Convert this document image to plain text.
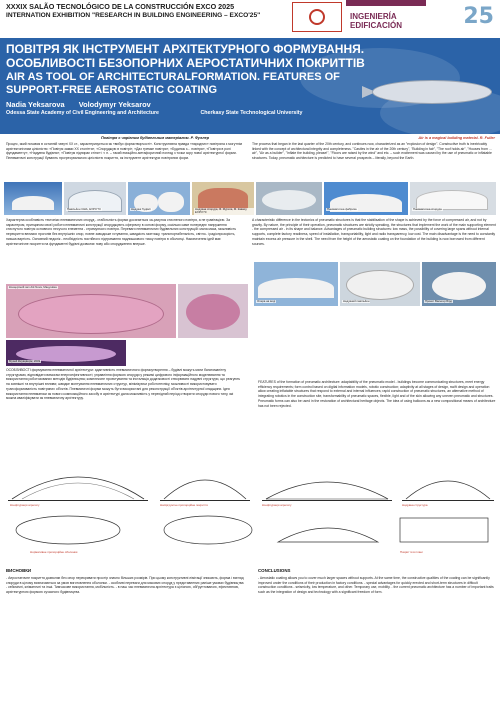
XXXIX SALÃO TECNOLÓGICO DE LA CONSTRUCCIÓN EXCO 2025
INTERNATION EXHIBITION "RESEARCH IN BUILDING ENGINEERING – EXCO'25"	INGENIERÍA
EDIFICACIÓN	25
ПОВІТРЯ ЯК ІНСТРУМЕНТ АРХІТЕКТУРНОГО ФОРМУВАННЯ. ОСОБЛИВОСТІ БЕЗОПОРНИХ АЕРОСТАТИЧНИХ ПОКРИТТІВ
AIR AS TOOL OF ARCHITECTURALFORMATION. FEATURES OF SUPPORT-FREE AEROSTATIC COATING
Nadia Yeksarova Volodymyr Yeksarov
Odessa State Academy of Civil Engineering and Architecture	Cherkasy State Technological University
Повітря є чарівним будівельним матеріалом. Р. Фуллер	Air is a magical building material. R. Fuller
Процес, який почався в останній чверті XX ст., характеризується як «вибух формотворчості». Конструктивна правда «народних» повітряна з могутнім архітектонічним цілісністю: «Повітря замки XX століття», «Споруджую в повітрі», «Дах тремке повітря», «Будинок з... повітря», «Повітря в ролі фундаменту», «Надувна будівля», «Повітря підпирає стіни» і т. п. – такий емоційно-метафоричний погляд з точки зору нової архітектурної форми. Пневматичні конструкції бувають прогресувальною цілісністю покриття, як інструмент архітектури повітряних форм.
The process that began in the last quarter of the 20th century, and continues now, characterized as an "explosion of design". Constructive truth is inextricably linked with the concept of architectural integrity and completeness. "Castles in the air of the 20th century", "Building in fair", "The roof holds air", "Houses from ... air", "Air as a builder", "Inflate the building, please!", "Floors are raised by the wind" and etc. – such excitement was caused by the use of pneumatic or inflatable structures. Today, pneumatic architecture is predicted to have several prospects – literally, beyond the Earth.
Павільйон США, EXPO'70	Надувні будівлі	Надувна споруда, Ф. Мурата, М. Кавасу, EXPO'70
Пневматична фабрика	Пневматична споруда
Характерна особливість тектоніки пневматичних споруд - стабільність форми досягається за-рахунок стисненого повітря, а не гравітацією. За характером, принципом своєї роботи пневматичні конструкції споруджують сферичну в основі форму, оскільки саме попереднє напруження стиснутого повітря основного несучого елемента - стримуючого повітря. Переваги пневматичних будівельних конструкцій: мала маса, можливість перекриття великих прогонів без внутрішніх опор, повне заводське готування, швидкість монтажу, транспортабельність, світло- і радіопрозорість, низька вартість. Основний недолік - необхідність постійного підтримання надлишкового тиску повітря в оболонці. Накопичення ідей має архітектонічне покриття на фундаментi будівлі дозволяє нову або спорудженню вперше.
A characteristic difference in the tectonics of pneumatic structures is that the stabilisation of the shape is achieved by the force of compressed air, and not by gravity. By nature, the principle of their operation, pneumatic structures are strictly speaking, the structures that implement the work of the main supporting element - the compressed air - in its shape and balance. Advantages of pneumatic building structures: low mass, the possibility of covering large spans without internal supports, complete factory readiness, speed of installation, transportability, light and radio transparency, low cost. The main disadvantage is the need to constantly maintain excess air pressure in the shell. The need from the height of the aerostatic coating on the foundation of the building is now borrowed from different sources.
Опера на воді	Надувний павільйон	Проект Вальтер Бірд
Концертний зал Ark Nova, Мацушіма
Музей Кікуацверж, 2009
ОСОБЛИВОСТІ формування пневматичної архітектури: адаптивність пневматичного формоутворення – будівлі можуть мати багатоманітну структурами, відповідати вимогам енергоефективності; управління формою споруди у режимі цифрового інформаційного моделювання та використання роботизованих методів будівництва; комплексне проектування та інсталяція додатковості створювати надувні структури, що реагують на зовнішні та внутрішні впливи; швидке монтування пневматичних структур, мінімізуючи робототехніку, можливості використовувати трансформованість повітряних об'єктів. Пневматичні форми можуть бути використані для реконструкції об'єктів архітектурної спадщини. Ідея використання пневматики як нового композиційного засобу в архітектурі дала можливість у перехідний період створити споруди нового типу, які можна кваліфікувати як пневматичну архітектуру.
FEATURES of the formation of pneumatic architecture: adaptability of the pneumatic model - buildings become communicating structures, meet energy efficiency requirements; form control based on digital information models, robotic construction; adaptivity at all stages of design, swift design and operation allow creating inflatable structures that respond to external and internal influences; rapid construction of pneumatic structures, an alternative method of integrating robotics in the construction site, transformability of pneumatic spaces, flexible, light and of the skin allowing any uneven pneumatic and structures. Pneumatic forms can also be used in the restoration of architectural heritage objects. The idea of using balloons as a new compositional means of architecture has not been rejected.
Конфігурація агрегату	Напіргрунтне пропорційне покриття	Конфігурація агрегату	Надувна структура
Нормативне пропорційне оболонки	Покриття в плані
ВИСНОВКИ
- Аеростатичне покриття дозволяє без опор перекривати простір значно більших розмірів. При цьому конструктивні лімітації зникають, форма і вигляд споруди в цілому визначаються за умов виготовлення оболонки. - особливі переваги для масових споруд у представлених раніше умовах будівництва - сейсмічні, кліматичні та інші. Тимчасове використання, мобільність. - в наш час пневматична архітектура є цілісною, обґрунтованою, ефективною, архітектурною формою сучасного будівництва.
CONCLUSIONS
- Aerostatic coating allows you to cover much larger spaces without supports. At the same time, the constructive qualities of the coating can be significantly improved under the conditions of their production in factory conditions. - special advantages for quickly erected and short-term structures in difficult construction conditions - seismicity, low temperature, and other. Temporary use, mobility. - the current pneumatic architecture has a number of important traits such as the integration of design and technology with a significant freedom of form.
